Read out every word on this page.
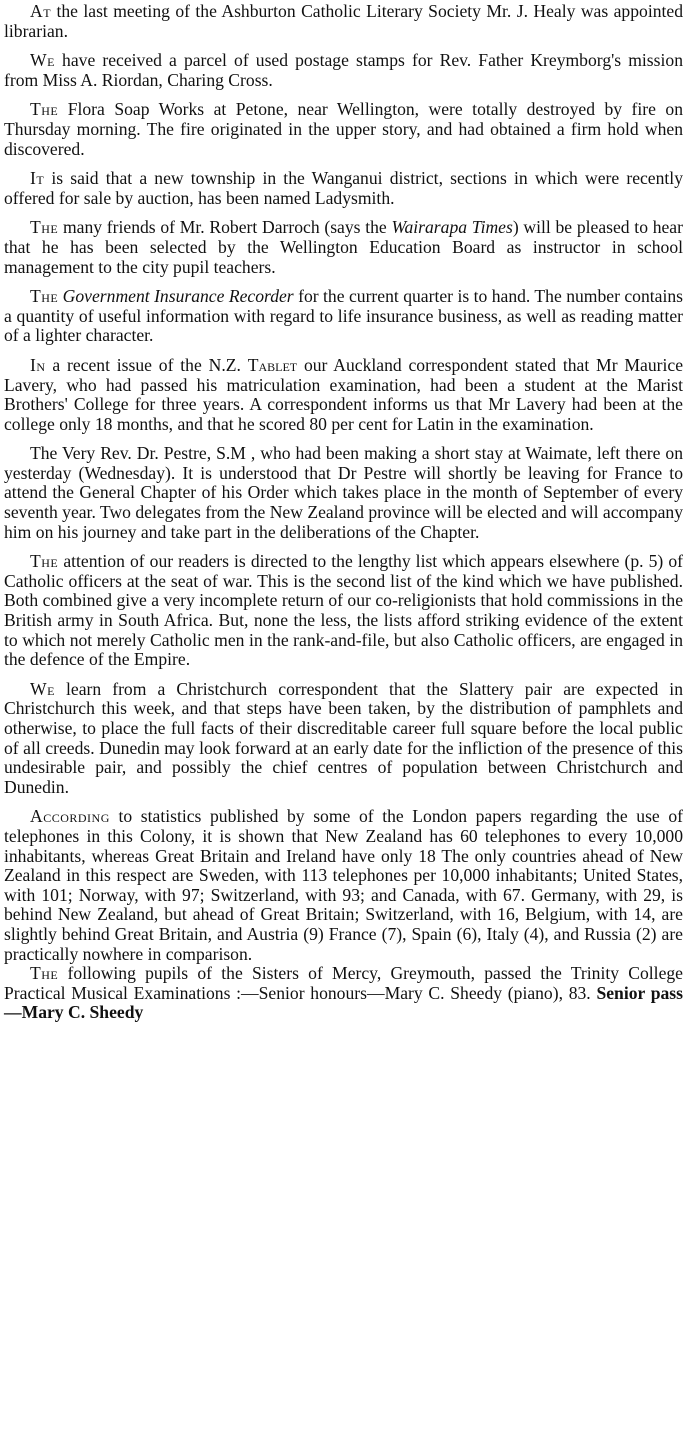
At the last meeting of the Ashburton Catholic Literary Society Mr. J. Healy was appointed librarian.

We have received a parcel of used postage stamps for Rev. Father Kreymborg's mission from Miss A. Riordan, Charing Cross.

The Flora Soap Works at Petone, near Wellington, were totally destroyed by fire on Thursday morning. The fire originated in the upper story, and had obtained a firm hold when discovered.

It is said that a new township in the Wanganui district, sections in which were recently offered for sale by auction, has been named Ladysmith.

The many friends of Mr. Robert Darroch (says the Wairarapa Times) will be pleased to hear that he has been selected by the Wellington Education Board as instructor in school management to the city pupil teachers.

The Government Insurance Recorder for the current quarter is to hand. The number contains a quantity of useful information with regard to life insurance business, as well as reading matter of a lighter character.

In a recent issue of the N.Z. Tablet our Auckland correspondent stated that Mr Maurice Lavery, who had passed his matriculation examination, had been a student at the Marist Brothers' College for three years. A correspondent informs us that Mr Lavery had been at the college only 18 months, and that he scored 80 per cent for Latin in the examination.

The Very Rev. Dr. Pestre, S.M , who had been making a short stay at Waimate, left there on yesterday (Wednesday). It is understood that Dr Pestre will shortly be leaving for France to attend the General Chapter of his Order which takes place in the month of September of every seventh year. Two delegates from the New Zealand province will be elected and will accompany him on his journey and take part in the deliberations of the Chapter.

The attention of our readers is directed to the lengthy list which appears elsewhere (p. 5) of Catholic officers at the seat of war. This is the second list of the kind which we have published. Both combined give a very incomplete return of our co-religionists that hold commissions in the British army in South Africa. But, none the less, the lists afford striking evidence of the extent to which not merely Catholic men in the rank-and-file, but also Catholic officers, are engaged in the defence of the Empire.

We learn from a Christchurch correspondent that the Slattery pair are expected in Christchurch this week, and that steps have been taken, by the distribution of pamphlets and otherwise, to place the full facts of their discreditable career full square before the local public of all creeds. Dunedin may look forward at an early date for the infliction of the presence of this undesirable pair, and possibly the chief centres of population between Christchurch and Dunedin.

According to statistics published by some of the London papers regarding the use of telephones in this Colony, it is shown that New Zealand has 60 telephones to every 10,000 inhabitants, whereas Great Britain and Ireland have only 18 The only countries ahead of New Zealand in this respect are Sweden, with 113 telephones per 10,000 inhabitants; United States, with 101; Norway, with 97; Switzerland, with 93; and Canada, with 67. Germany, with 29, is behind New Zealand, but ahead of Great Britain; Switzerland, with 16, Belgium, with 14, are slightly behind Great Britain, and Austria (9) France (7), Spain (6), Italy (4), and Russia (2) are practically nowhere in comparison.

The following pupils of the Sisters of Mercy, Greymouth, passed the Trinity College Practical Musical Examinations :—Senior honours—Mary C. Sheedy (piano), 83. Senior pass—Mary C. Sheedy
